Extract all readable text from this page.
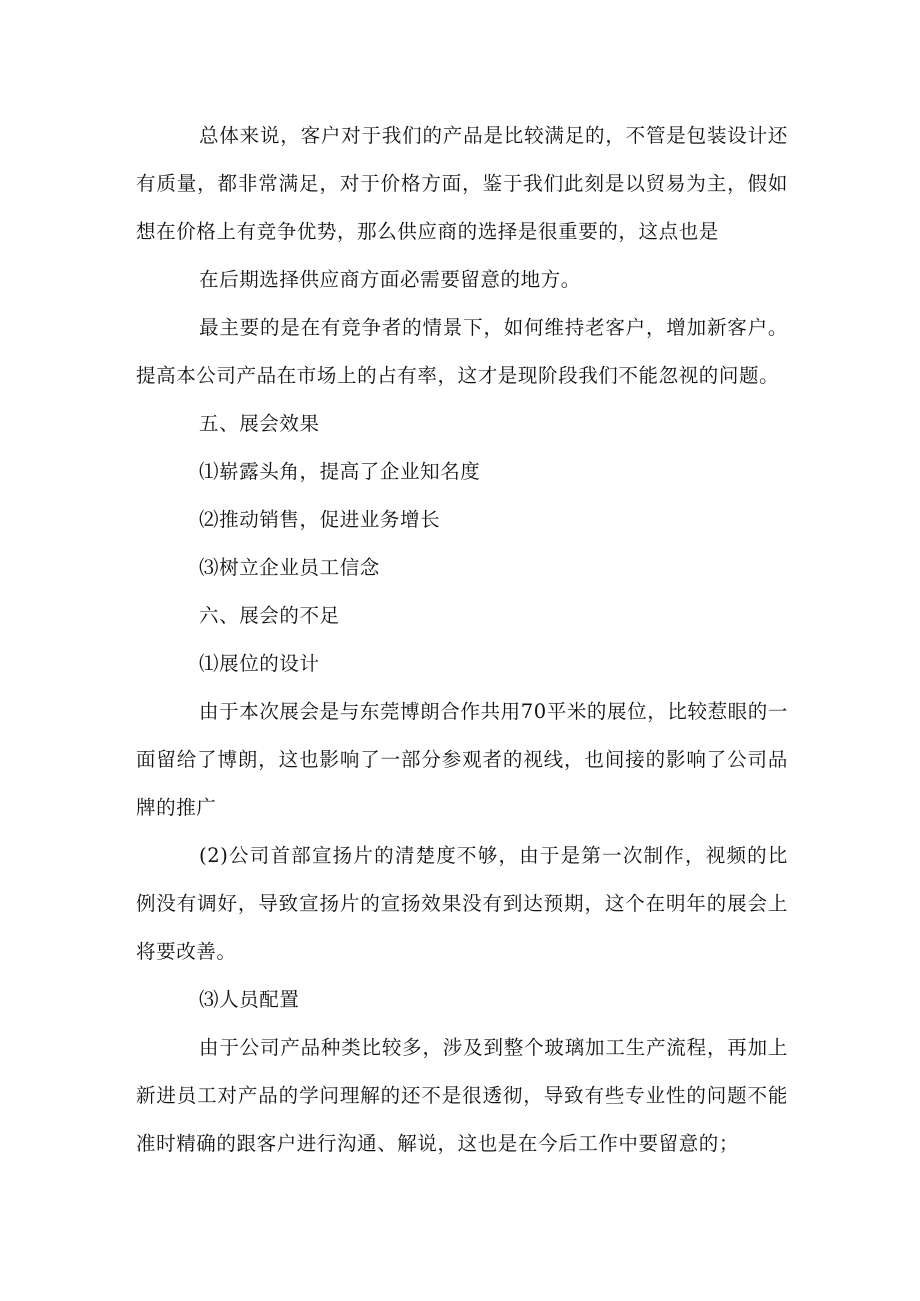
总体来说，客户对于我们的产品是比较满足的，不管是包装设计还有质量，都非常满足，对于价格方面，鉴于我们此刻是以贸易为主，假如想在价格上有竞争优势，那么供应商的选择是很重要的，这点也是

在后期选择供应商方面必需要留意的地方。

最主要的是在有竞争者的情景下，如何维持老客户，增加新客户。提高本公司产品在市场上的占有率，这才是现阶段我们不能忽视的问题。

五、展会效果

⑴崭露头角，提高了企业知名度

⑵推动销售，促进业务增长

⑶树立企业员工信念

六、展会的不足

⑴展位的设计

由于本次展会是与东莞博朗合作共用70平米的展位，比较惹眼的一面留给了博朗，这也影响了一部分参观者的视线，也间接的影响了公司品牌的推广

(2)公司首部宣扬片的清楚度不够，由于是第一次制作，视频的比例没有调好，导致宣扬片的宣扬效果没有到达预期，这个在明年的展会上将要改善。

⑶人员配置

由于公司产品种类比较多，涉及到整个玻璃加工生产流程，再加上新进员工对产品的学问理解的还不是很透彻，导致有些专业性的问题不能准时精确的跟客户进行沟通、解说，这也是在今后工作中要留意的；
